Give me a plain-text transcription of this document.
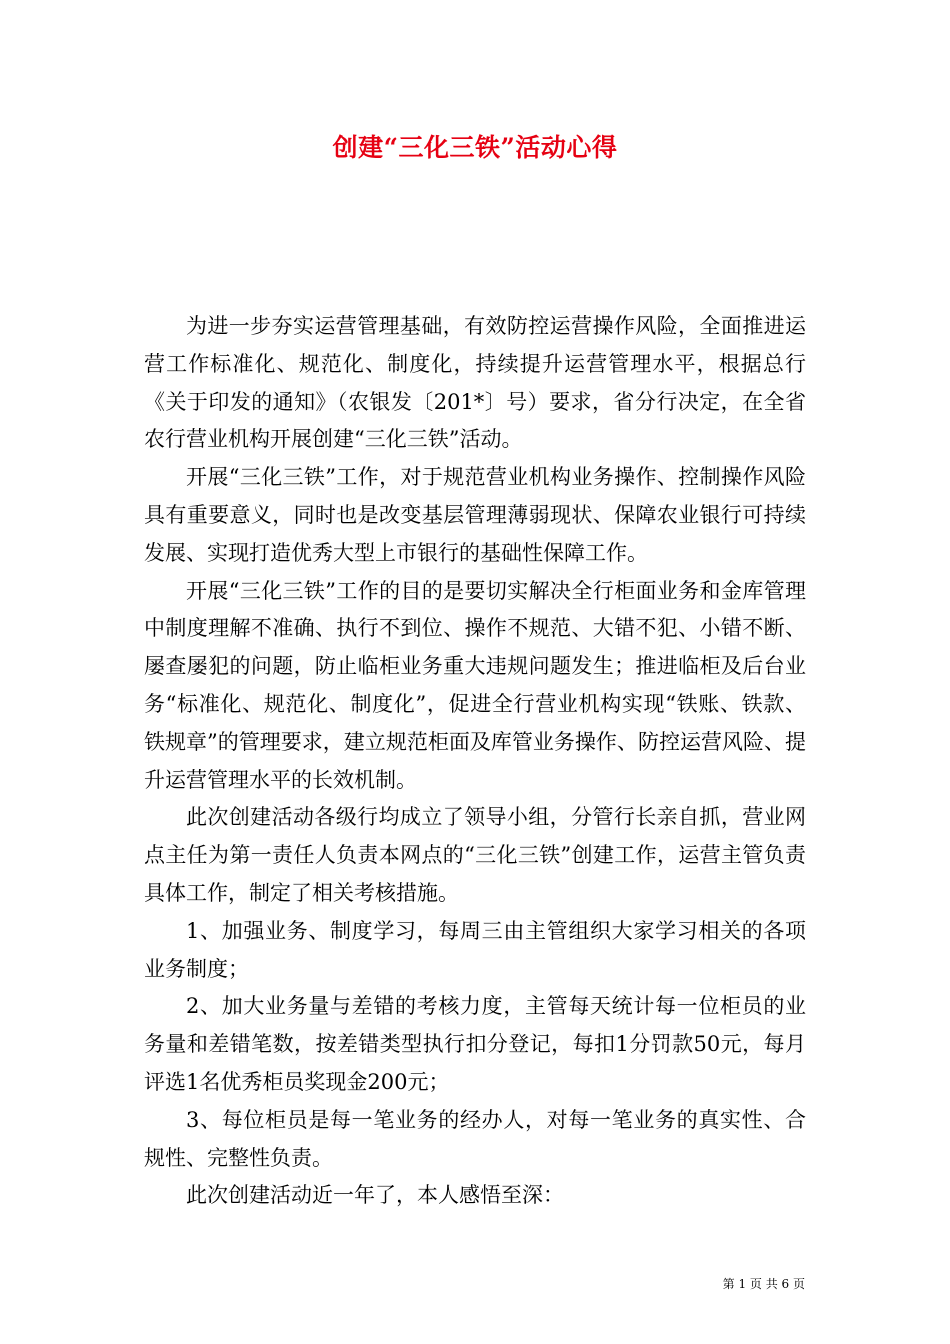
创建“三化三铁”活动心得

为进一步夯实运营管理基础，有效防控运营操作风险，全面推进运营工作标准化、规范化、制度化，持续提升运营管理水平，根据总行《关于印发的通知》（农银发〔201*〕号）要求，省分行决定，在全省农行营业机构开展创建“三化三铁”活动。

开展“三化三铁”工作，对于规范营业机构业务操作、控制操作风险具有重要意义，同时也是改变基层管理薄弱现状、保障农业银行可持续发展、实现打造优秀大型上市银行的基础性保障工作。

开展“三化三铁”工作的目的是要切实解决全行柜面业务和金库管理中制度理解不准确、执行不到位、操作不规范、大错不犯、小错不断、屡查屡犯的问题，防止临柜业务重大违规问题发生；推进临柜及后台业务“标准化、规范化、制度化”，促进全行营业机构实现“铁账、铁款、铁规章”的管理要求，建立规范柜面及库管业务操作、防控运营风险、提升运营管理水平的长效机制。

此次创建活动各级行均成立了领导小组，分管行长亲自抓，营业网点主任为第一责任人负责本网点的“三化三铁”创建工作，运营主管负责具体工作，制定了相关考核措施。

1、加强业务、制度学习，每周三由主管组织大家学习相关的各项业务制度；

2、加大业务量与差错的考核力度，主管每天统计每一位柜员的业务量和差错笔数，按差错类型执行扣分登记，每扣1分罚款50元，每月评选1名优秀柜员奖现金200元；

3、每位柜员是每一笔业务的经办人，对每一笔业务的真实性、合规性、完整性负责。

此次创建活动近一年了，本人感悟至深：

第 1 页 共 6 页
